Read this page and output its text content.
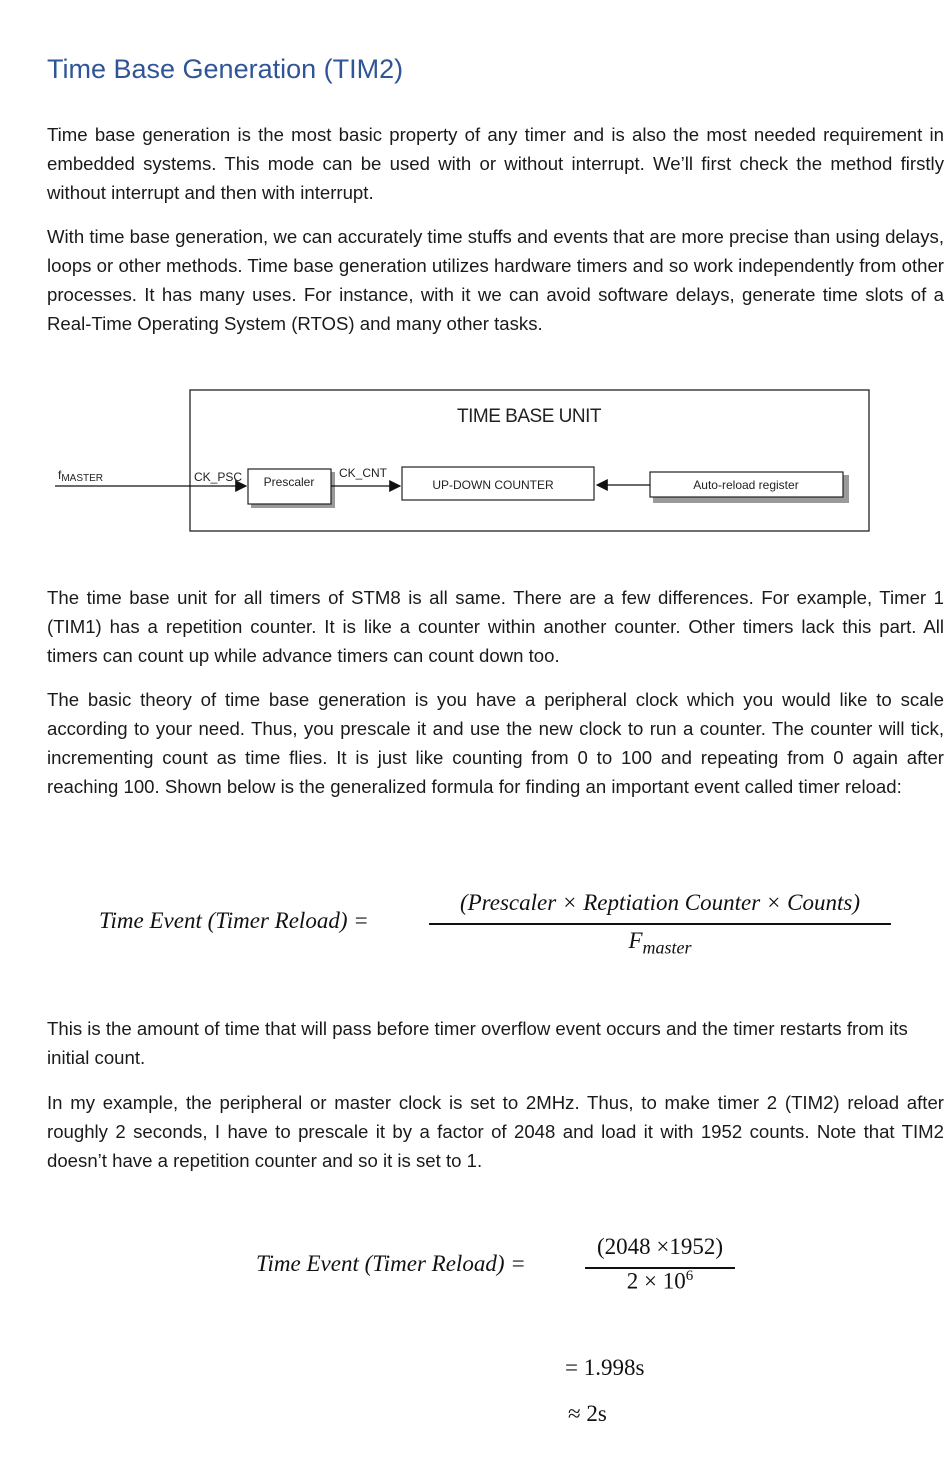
Time Base Generation (TIM2)

Time base generation is the most basic property of any timer and is also the most needed requirement in embedded systems. This mode can be used with or without interrupt. We’ll first check the method firstly without interrupt and then with interrupt.

With time base generation, we can accurately time stuffs and events that are more precise than using delays, loops or other methods. Time base generation utilizes hardware timers and so work independently from other processes. It has many uses. For instance, with it we can avoid software delays, generate time slots of a Real-Time Operating System (RTOS) and many other tasks.

TIME BASE UNIT
fMASTER	CK_PSC Prescaler
CK_CNT
UP-DOWN COUNTER	Auto-reload register

The time base unit for all timers of STM8 is all same. There are a few differences. For example, Timer 1 (TIM1) has a repetition counter. It is like a counter within another counter. Other timers lack this part. All timers can count up while advance timers can count down too.

The basic theory of time base generation is you have a peripheral clock which you would like to scale according to your need. Thus, you prescale it and use the new clock to run a counter. The counter will tick, incrementing count as time flies. It is just like counting from 0 to 100 and repeating from 0 again after reaching 100. Shown below is the generalized formula for finding an important event called timer reload:

Time Event (Timer Reload) =
(Prescaler × Reptiation Counter × Counts)
$F_{master}$

This is the amount of time that will pass before timer overflow event occurs and the timer restarts from its initial count.

In my example, the peripheral or master clock is set to 2MHz. Thus, to make timer 2 (TIM2) reload after roughly 2 seconds, I have to prescale it by a factor of 2048 and load it with 1952 counts. Note that TIM2 doesn’t have a repetition counter and so it is set to 1.

Time Event (Timer Reload) =
(2048 ×1952)
$2 \times 10^6$
= 1.998s
≈ 2s
